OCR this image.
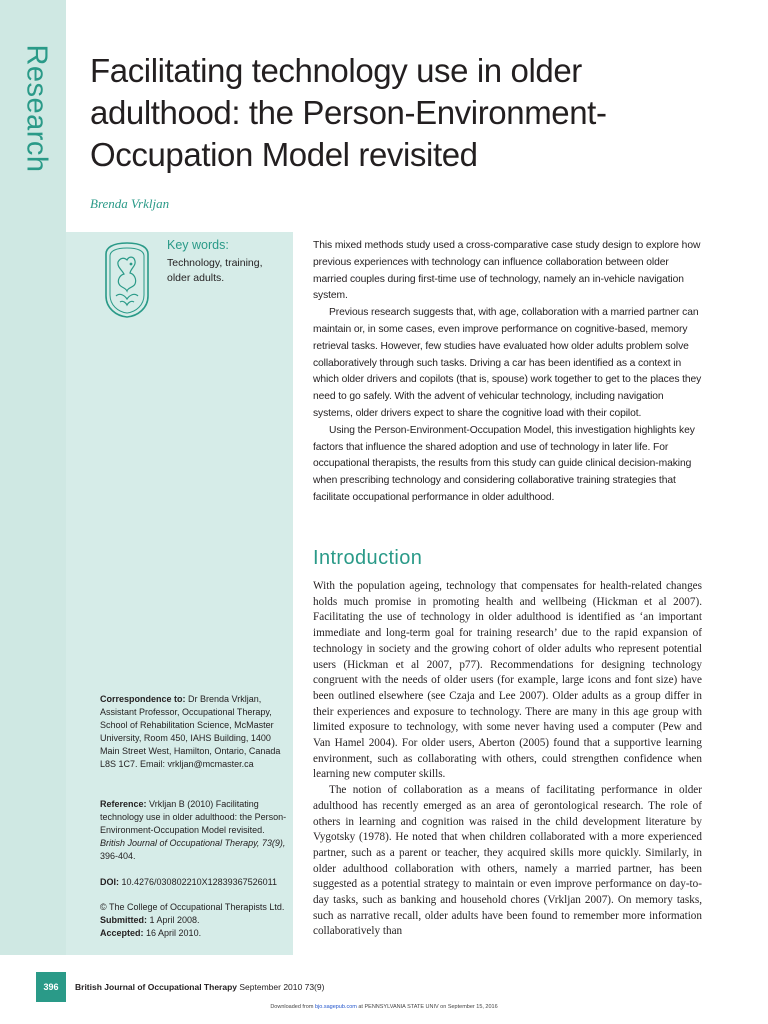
Research Facilitating technology use in older adulthood: the Person-Environment-Occupation Model revisited
Brenda Vrkljan
Key words:
Technology, training, older adults.
Correspondence to: Dr Brenda Vrkljan, Assistant Professor, Occupational Therapy, School of Rehabilitation Science, McMaster University, Room 450, IAHS Building, 1400 Main Street West, Hamilton, Ontario, Canada L8S 1C7. Email: vrkljan@mcmaster.ca
Reference: Vrkljan B (2010) Facilitating technology use in older adulthood: the Person-Environment-Occupation Model revisited. British Journal of Occupational Therapy, 73(9), 396-404.
DOI: 10.4276/030802210X12839367526011
© The College of Occupational Therapists Ltd.
Submitted: 1 April 2008.
Accepted: 16 April 2010.

This mixed methods study used a cross-comparative case study design to explore how previous experiences with technology can influence collaboration between older married couples during first-time use of technology, namely an in-vehicle navigation system.

Previous research suggests that, with age, collaboration with a married partner can maintain or, in some cases, even improve performance on cognitive-based, memory retrieval tasks. However, few studies have evaluated how older adults problem solve collaboratively through such tasks. Driving a car has been identified as a context in which older drivers and copilots (that is, spouse) work together to get to the places they need to go safely. With the advent of vehicular technology, including navigation systems, older drivers expect to share the cognitive load with their copilot.

Using the Person-Environment-Occupation Model, this investigation highlights key factors that influence the shared adoption and use of technology in later life. For occupational therapists, the results from this study can guide clinical decision-making when prescribing technology and considering collaborative training strategies that facilitate occupational performance in older adulthood.

Introduction

With the population ageing, technology that compensates for health-related changes holds much promise in promoting health and wellbeing (Hickman et al 2007). Facilitating the use of technology in older adulthood is identified as ‘an important immediate and long-term goal for training research’ due to the rapid expansion of technology in society and the growing cohort of older adults who represent potential users (Hickman et al 2007, p77). Recommendations for designing technology congruent with the needs of older users (for example, large icons and font size) have been outlined elsewhere (see Czaja and Lee 2007). Older adults as a group differ in their experiences and exposure to technology. There are many in this age group with limited exposure to technology, with some never having used a computer (Pew and Van Hamel 2004). For older users, Aberton (2005) found that a supportive learning environment, such as collaborating with others, could strengthen confidence when learning new computer skills.

The notion of collaboration as a means of facilitating performance in older adulthood has recently emerged as an area of gerontological research. The role of others in learning and cognition was raised in the child development literature by Vygotsky (1978). He noted that when children collaborated with a more experienced partner, such as a parent or teacher, they acquired skills more quickly. Similarly, in older adulthood collaboration with others, namely a married partner, has been suggested as a potential strategy to maintain or even improve performance on day-to-day tasks, such as banking and household chores (Vrkljan 2007). On memory tasks, such as narrative recall, older adults have been found to remember more information collaboratively than

396	British Journal of Occupational Therapy September 2010 73(9)
Downloaded from bjo.sagepub.com at PENNSYLVANIA STATE UNIV on September 15, 2016
